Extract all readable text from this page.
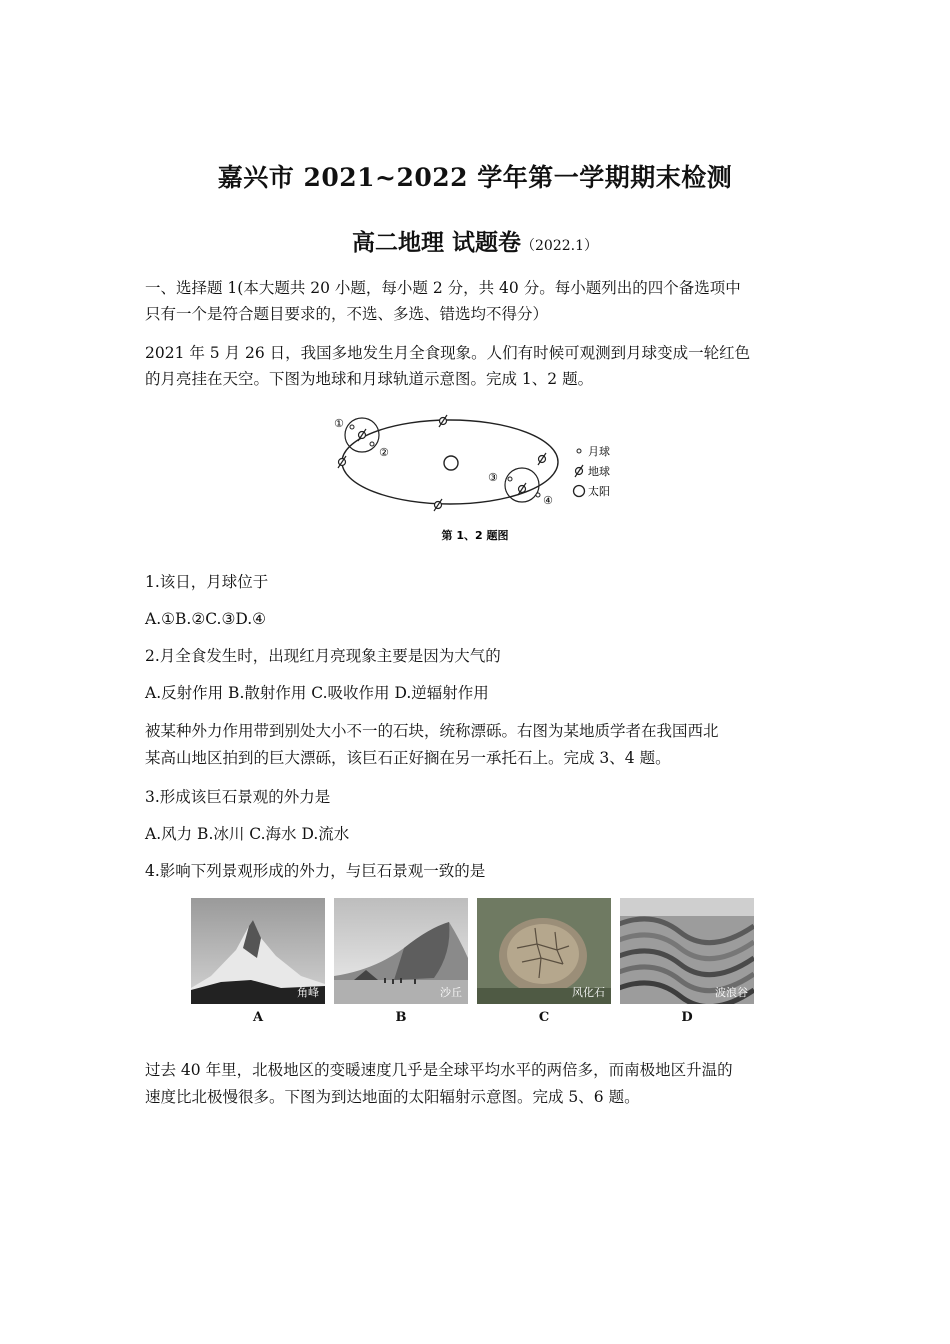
嘉兴市 2021~2022 学年第一学期期末检测
高二地理 试题卷（2022.1）

一、选择题 1(本大题共 20 小题，每小题 2 分，共 40 分。每小题列出的四个备选项中

只有一个是符合题目要求的，不选、多选、错选均不得分）

2021 年 5 月 26 日，我国多地发生月全食现象。人们有时候可观测到月球变成一轮红色

的月亮挂在天空。下图为地球和月球轨道示意图。完成 1、2 题。

①
②
③
④
月球
地球
太阳
第 1、2 题图

1.该日，月球位于

A.①B.②C.③D.④

2.月全食发生时，出现红月亮现象主要是因为大气的

A.反射作用 B.散射作用 C.吸收作用 D.逆辐射作用

被某种外力作用带到别处大小不一的石块，统称漂砾。右图为某地质学者在我国西北

某高山地区拍到的巨大漂砾，该巨石正好搁在另一承托石上。完成 3、4 题。

3.形成该巨石景观的外力是

A.风力 B.冰川 C.海水 D.流水

4.影响下列景观形成的外力，与巨石景观一致的是

角峰	沙丘	风化石	波浪谷
A	B	C	D

过去 40 年里，北极地区的变暖速度几乎是全球平均水平的两倍多，而南极地区升温的

速度比北极慢很多。下图为到达地面的太阳辐射示意图。完成 5、6 题。
